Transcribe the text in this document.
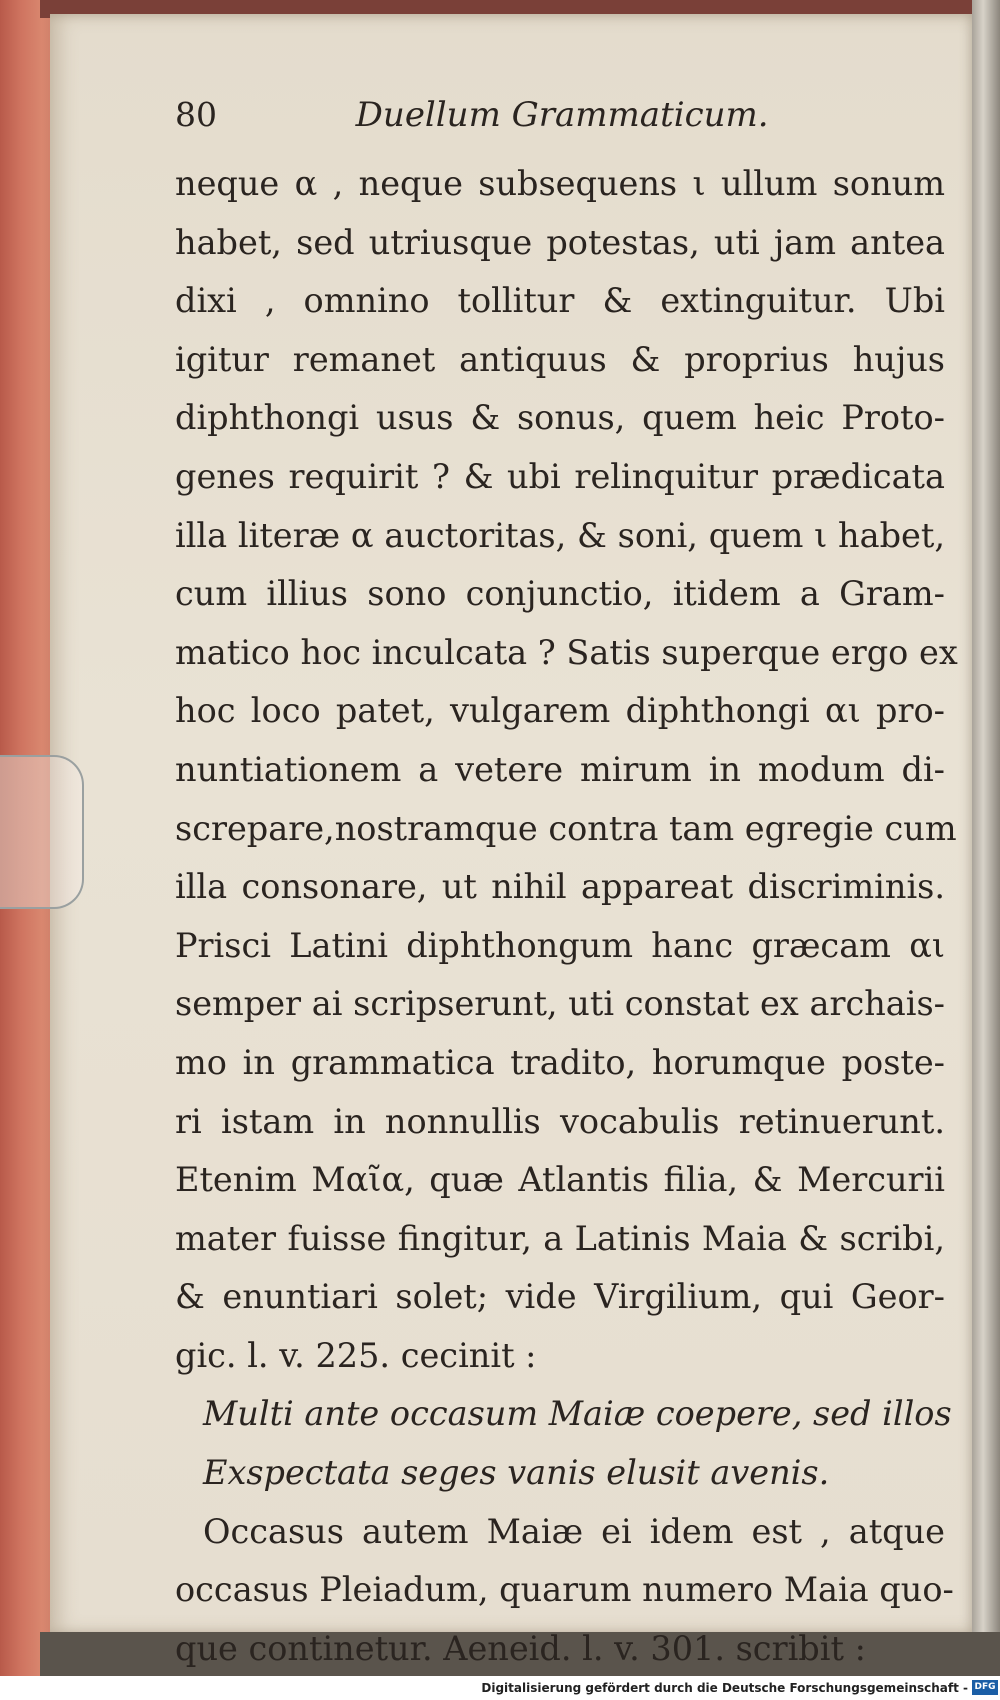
80	Duellum Grammaticum.
neque α , neque subsequens ι ullum sonum
habet, sed utriusque potestas, uti jam antea
dixi , omnino tollitur & extinguitur. Ubi
igitur remanet antiquus & proprius hujus
diphthongi usus & sonus, quem heic Proto-
genes requirit ? & ubi relinquitur prædicata
illa literæ α auctoritas, & soni, quem ι habet,
cum illius sono conjunctio, itidem a Gram-
matico hoc inculcata ? Satis superque ergo ex
hoc loco patet, vulgarem diphthongi αι pro-
nuntiationem a vetere mirum in modum di-
screpare,nostramque contra tam egregie cum
illa consonare, ut nihil appareat discriminis.
Prisci Latini diphthongum hanc græcam αι
semper ai scripserunt, uti constat ex archais-
mo in grammatica tradito, horumque poste-
ri istam in nonnullis vocabulis retinuerunt.
Etenim Μαῖα, quæ Atlantis filia, & Mercurii
mater fuisse fingitur, a Latinis Maia & scribi,
& enuntiari solet; vide Virgilium, qui Geor-
gic. l. v. 225. cecinit :
Multi ante occasum Maiæ coepere, sed illos
Exspectata seges vanis elusit avenis.
Occasus autem Maiæ ei idem est , atque
occasus Pleiadum, quarum numero Maia quo-
que continetur. Aeneid. l. v. 301. scribit :
Digitalisierung gefördert durch die Deutsche Forschungsgemeinschaft - DFG
